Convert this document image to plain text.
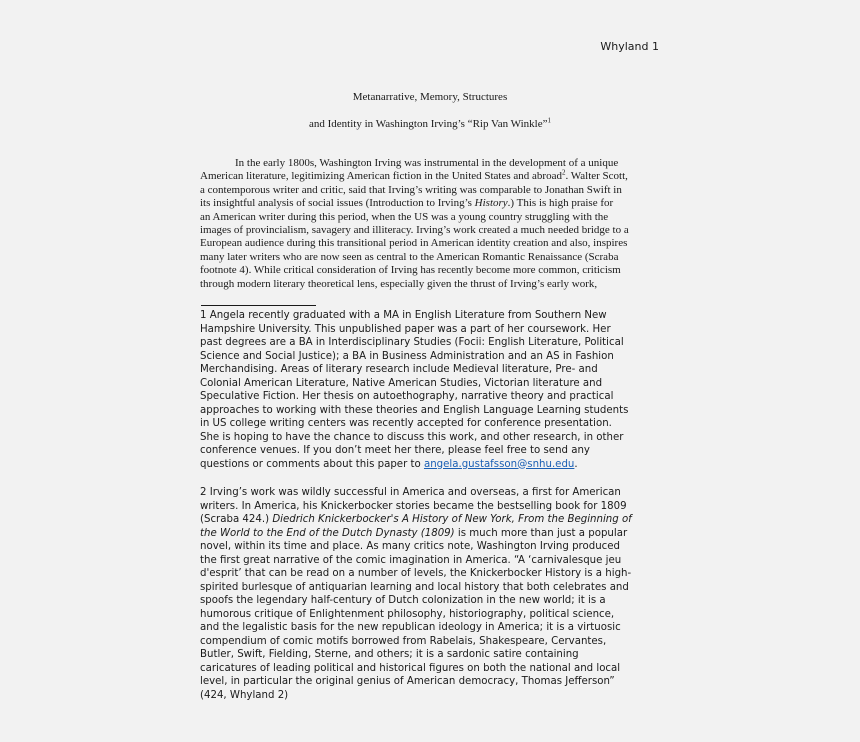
Whyland 1
Metanarrative, Memory, Structures
and Identity in Washington Irving’s “Rip Van Winkle”$^1$
In the early 1800s, Washington Irving was instrumental in the development of a unique
American literature, legitimizing American fiction in the United States and abroad$^2$. Walter Scott,
a contemporous writer and critic, said that Irving’s writing was comparable to Jonathan Swift in
its insightful analysis of social issues (Introduction to Irving’s History.) This is high praise for
an American writer during this period, when the US was a young country struggling with the
images of provincialism, savagery and illiteracy. Irving’s work created a much needed bridge to a
European audience during this transitional period in American identity creation and also, inspires
many later writers who are now seen as central to the American Romantic Renaissance (Scraba
footnote 4). While critical consideration of Irving has recently become more common, criticism
through modern literary theoretical lens, especially given the thrust of Irving’s early work,
1 Angela recently graduated with a MA in English Literature from Southern New
Hampshire University. This unpublished paper was a part of her coursework. Her
past degrees are a BA in Interdisciplinary Studies (Focii: English Literature, Political
Science and Social Justice); a BA in Business Administration and an AS in Fashion
Merchandising. Areas of literary research include Medieval literature, Pre- and
Colonial American Literature, Native American Studies, Victorian literature and
Speculative Fiction. Her thesis on autoethography, narrative theory and practical
approaches to working with these theories and English Language Learning students
in US college writing centers was recently accepted for conference presentation.
She is hoping to have the chance to discuss this work, and other research, in other
conference venues. If you don’t meet her there, please feel free to send any
questions or comments about this paper to angela.gustafsson@snhu.edu.
2 Irving’s work was wildly successful in America and overseas, a first for American
writers. In America, his Knickerbocker stories became the bestselling book for 1809
(Scraba 424.) Diedrich Knickerbocker's A History of New York, From the Beginning of
the World to the End of the Dutch Dynasty (1809) is much more than just a popular
novel, within its time and place. As many critics note, Washington Irving produced
the first great narrative of the comic imagination in America. “A ‘carnivalesque jeu
d'esprit’ that can be read on a number of levels, the Knickerbocker History is a high-
spirited burlesque of antiquarian learning and local history that both celebrates and
spoofs the legendary half-century of Dutch colonization in the new world; it is a
humorous critique of Enlightenment philosophy, historiography, political science,
and the legalistic basis for the new republican ideology in America; it is a virtuosic
compendium of comic motifs borrowed from Rabelais, Shakespeare, Cervantes,
Butler, Swift, Fielding, Sterne, and others; it is a sardonic satire containing
caricatures of leading political and historical figures on both the national and local
level, in particular the original genius of American democracy, Thomas Jefferson”
(424, Whyland 2)
